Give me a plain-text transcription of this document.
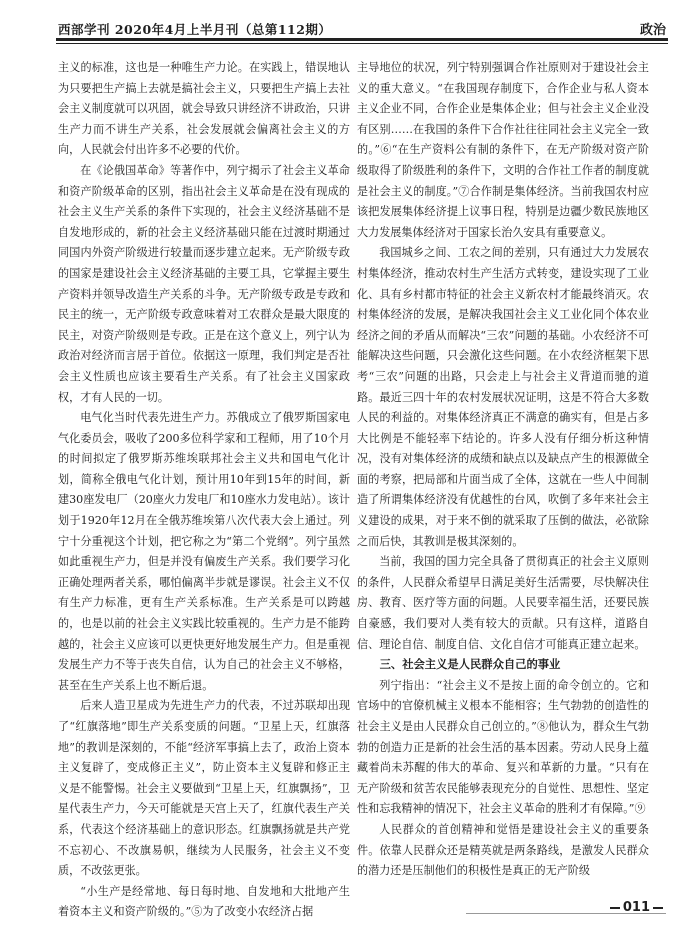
西部学刊 2020年4月上半月刊（总第112期）	政治

主义的标准，这也是一种唯生产力论。在实践上，错误地认为只要把生产搞上去就是搞社会主义，只要把生产搞上去社会主义制度就可以巩固，就会导致只讲经济不讲政治，只讲生产力而不讲生产关系，社会发展就会偏离社会主义的方向，人民就会付出许多不必要的代价。

在《论俄国革命》等著作中，列宁揭示了社会主义革命和资产阶级革命的区别，指出社会主义革命是在没有现成的社会主义生产关系的条件下实现的，社会主义经济基础不是自发地形成的，新的社会主义经济基础只能在过渡时期通过同国内外资产阶级进行较量而逐步建立起来。无产阶级专政的国家是建设社会主义经济基础的主要工具，它掌握主要生产资料并领导改造生产关系的斗争。无产阶级专政是专政和民主的统一，无产阶级专政意味着对工农群众是最大限度的民主，对资产阶级则是专政。正是在这个意义上，列宁认为政治对经济而言居于首位。依据这一原理，我们判定是否社会主义性质也应该主要看生产关系。有了社会主义国家政权，才有人民的一切。

电气化当时代表先进生产力。苏俄成立了俄罗斯国家电气化委员会，吸收了200多位科学家和工程师，用了10个月的时间拟定了俄罗斯苏维埃联邦社会主义共和国电气化计划，简称全俄电气化计划，预计用10年到15年的时间，新建30座发电厂（20座火力发电厂和10座水力发电站）。该计划于1920年12月在全俄苏维埃第八次代表大会上通过。列宁十分重视这个计划，把它称之为“第二个党纲”。列宁虽然如此重视生产力，但是并没有偏废生产关系。我们要学习化正确处理两者关系，哪怕偏离半步就是谬误。社会主义不仅有生产力标准，更有生产关系标准。生产关系是可以跨越的，也是以前的社会主义实践比较重视的。生产力是不能跨越的，社会主义应该可以更快更好地发展生产力。但是重视发展生产力不等于丧失自信，认为自己的社会主义不够格，甚至在生产关系上也不断后退。

后来人造卫星成为先进生产力的代表，不过苏联却出现了“红旗落地”即生产关系变质的问题。“卫星上天，红旗落地”的教训是深刻的，不能“经济军事搞上去了，政治上资本主义复辟了，变成修正主义”，防止资本主义复辟和修正主义是不能警惕。社会主义要做到“卫星上天，红旗飘扬”，卫星代表生产力，今天可能就是天宫上天了，红旗代表生产关系，代表这个经济基础上的意识形态。红旗飘扬就是共产党不忘初心、不改旗易帜，继续为人民服务，社会主义不变质，不改弦更张。

“小生产是经常地、每日每时地、自发地和大批地产生着资本主义和资产阶级的。”⑤为了改变小农经济占据

主导地位的状况，列宁特别强调合作社原则对于建设社会主义的重大意义。“在我国现存制度下，合作企业与私人资本主义企业不同，合作企业是集体企业；但与社会主义企业没有区别……在我国的条件下合作社往往同社会主义完全一致的。”⑥“在生产资料公有制的条件下，在无产阶级对资产阶级取得了阶级胜利的条件下，文明的合作社工作者的制度就是社会主义的制度。”⑦合作制是集体经济。当前我国农村应该把发展集体经济提上议事日程，特别是边疆少数民族地区大力发展集体经济对于国家长治久安具有重要意义。

我国城乡之间、工农之间的差别，只有通过大力发展农村集体经济，推动农村生产生活方式转变，建设实现了工业化、具有乡村都市特征的社会主义新农村才能最终消灭。农村集体经济的发展，是解决我国社会主义工业化同个体农业经济之间的矛盾从而解决“三农”问题的基础。小农经济不可能解决这些问题，只会激化这些问题。在小农经济框架下思考“三农”问题的出路，只会走上与社会主义背道而驰的道路。最近三四十年的农村发展状况证明，这是不符合大多数人民的利益的。对集体经济真正不满意的确实有，但是占多大比例是不能轻率下结论的。许多人没有仔细分析这种情况，没有对集体经济的成绩和缺点以及缺点产生的根源做全面的考察，把局部和片面当成了全体，这就在一些人中间制造了所谓集体经济没有优越性的台风，吹倒了多年来社会主义建设的成果，对于来不倒的就采取了压倒的做法，必欲除之而后快，其教训是极其深刻的。

当前，我国的国力完全具备了贯彻真正的社会主义原则的条件，人民群众希望早日满足美好生活需要，尽快解决住房、教育、医疗等方面的问题。人民要幸福生活，还要民族自豪感，我们要对人类有较大的贡献。只有这样，道路自信、理论自信、制度自信、文化自信才可能真正建立起来。

三、社会主义是人民群众自己的事业

列宁指出：“社会主义不是按上面的命令创立的。它和官场中的官僚机械主义根本不能相容；生气勃勃的创造性的社会主义是由人民群众自己创立的。”⑧他认为，群众生气勃勃的创造力正是新的社会生活的基本因素。劳动人民身上蕴藏着尚未苏醒的伟大的革命、复兴和革新的力量。“只有在无产阶级和贫苦农民能够表现充分的自觉性、思想性、坚定性和忘我精神的情况下，社会主义革命的胜利才有保障。”⑨

人民群众的首创精神和觉悟是建设社会主义的重要条件。依靠人民群众还是精英就是两条路线，是激发人民群众的潜力还是压制他们的积极性是真正的无产阶级

011
